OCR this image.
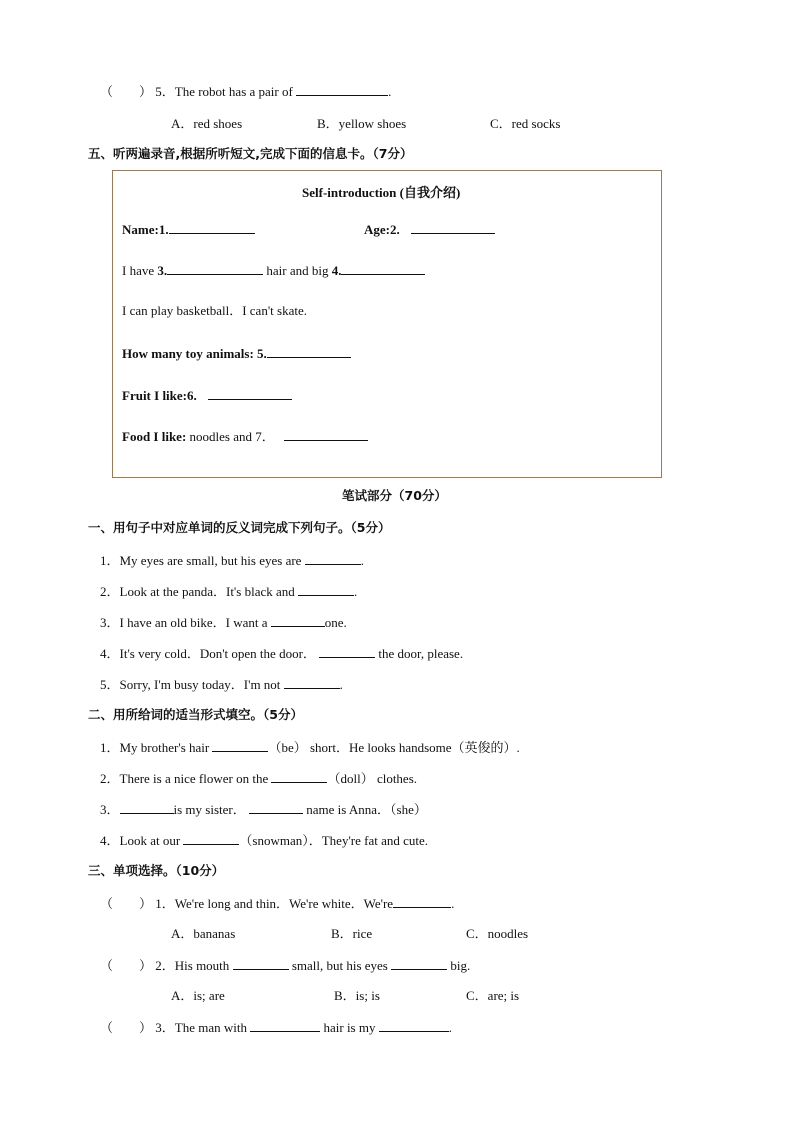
（　　） 5．The robot has a pair of	.
A．red shoes	B．yellow shoes	C．red socks
五、听两遍录音,根据所听短文,完成下面的信息卡。（7分）
Self-introduction (自我介绍)
Name:1.	Age:2.
I have 3.	hair and big 4.
I can play basketball．I can't skate.
How many toy animals: 5.
Fruit I like:6.
Food I like: noodles and 7．
笔试部分（70分）
一、用句子中对应单词的反义词完成下列句子。（5分）
1．My eyes are small, but his eyes are	.
2．Look at the panda．It's black and	.
3．I have an old bike．I want a	one.
4．It's very cold．Don't open the door．	the door, please.
5．Sorry, I'm busy today．I'm not	.
二、用所给词的适当形式填空。（5分）
1．My brother's hair	（be） short．He looks handsome（英俊的）.
2．There is a nice flower on the	（doll） clothes.
3．	is my sister．	name is Anna．（she）
4．Look at our	（snowman）．They're fat and cute.
三、单项选择。（10分）
（　　） 1．We're long and thin．We're white．We're	.
A．bananas	B．rice	C．noodles
（　　） 2．His mouth	small, but his eyes	big.
A．is; are	B．is; is	C．are; is
（　　） 3．The man with	hair is my	.
